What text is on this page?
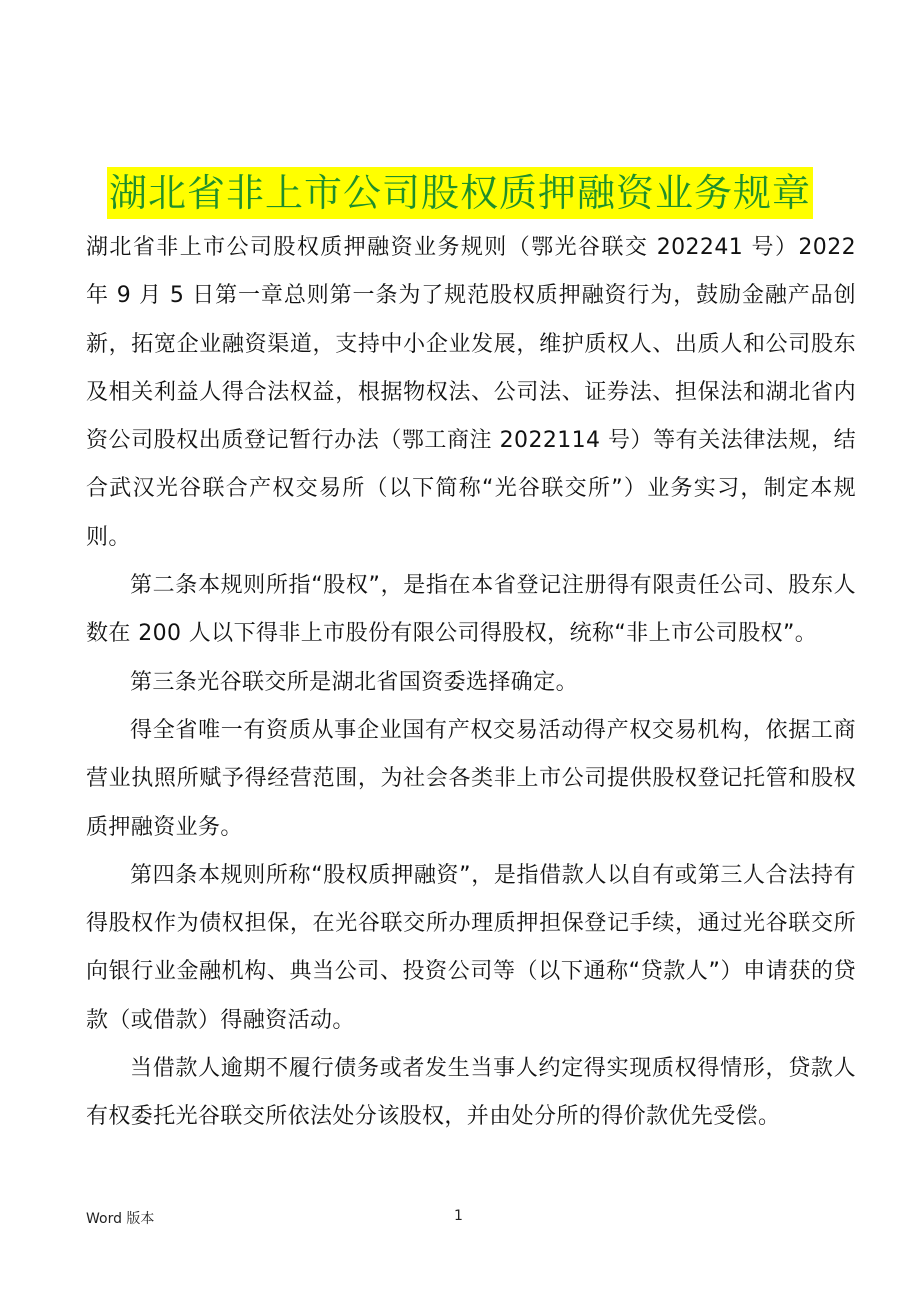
湖北省非上市公司股权质押融资业务规章

湖北省非上市公司股权质押融资业务规则（鄂光谷联交 202241 号）2022 年 9 月 5 日第一章总则第一条为了规范股权质押融资行为，鼓励金融产品创新，拓宽企业融资渠道，支持中小企业发展，维护质权人、出质人和公司股东及相关利益人得合法权益，根据物权法、公司法、证券法、担保法和湖北省内资公司股权出质登记暂行办法（鄂工商注 2022114 号）等有关法律法规，结合武汉光谷联合产权交易所（以下简称“光谷联交所”）业务实习，制定本规则。

第二条本规则所指“股权”，是指在本省登记注册得有限责任公司、股东人数在 200 人以下得非上市股份有限公司得股权，统称“非上市公司股权”。

第三条光谷联交所是湖北省国资委选择确定。

得全省唯一有资质从事企业国有产权交易活动得产权交易机构，依据工商营业执照所赋予得经营范围，为社会各类非上市公司提供股权登记托管和股权质押融资业务。

第四条本规则所称“股权质押融资”，是指借款人以自有或第三人合法持有得股权作为债权担保，在光谷联交所办理质押担保登记手续，通过光谷联交所向银行业金融机构、典当公司、投资公司等（以下通称“贷款人”）申请获的贷款（或借款）得融资活动。

当借款人逾期不履行债务或者发生当事人约定得实现质权得情形，贷款人有权委托光谷联交所依法处分该股权，并由处分所的得价款优先受偿。

Word 版本	1
